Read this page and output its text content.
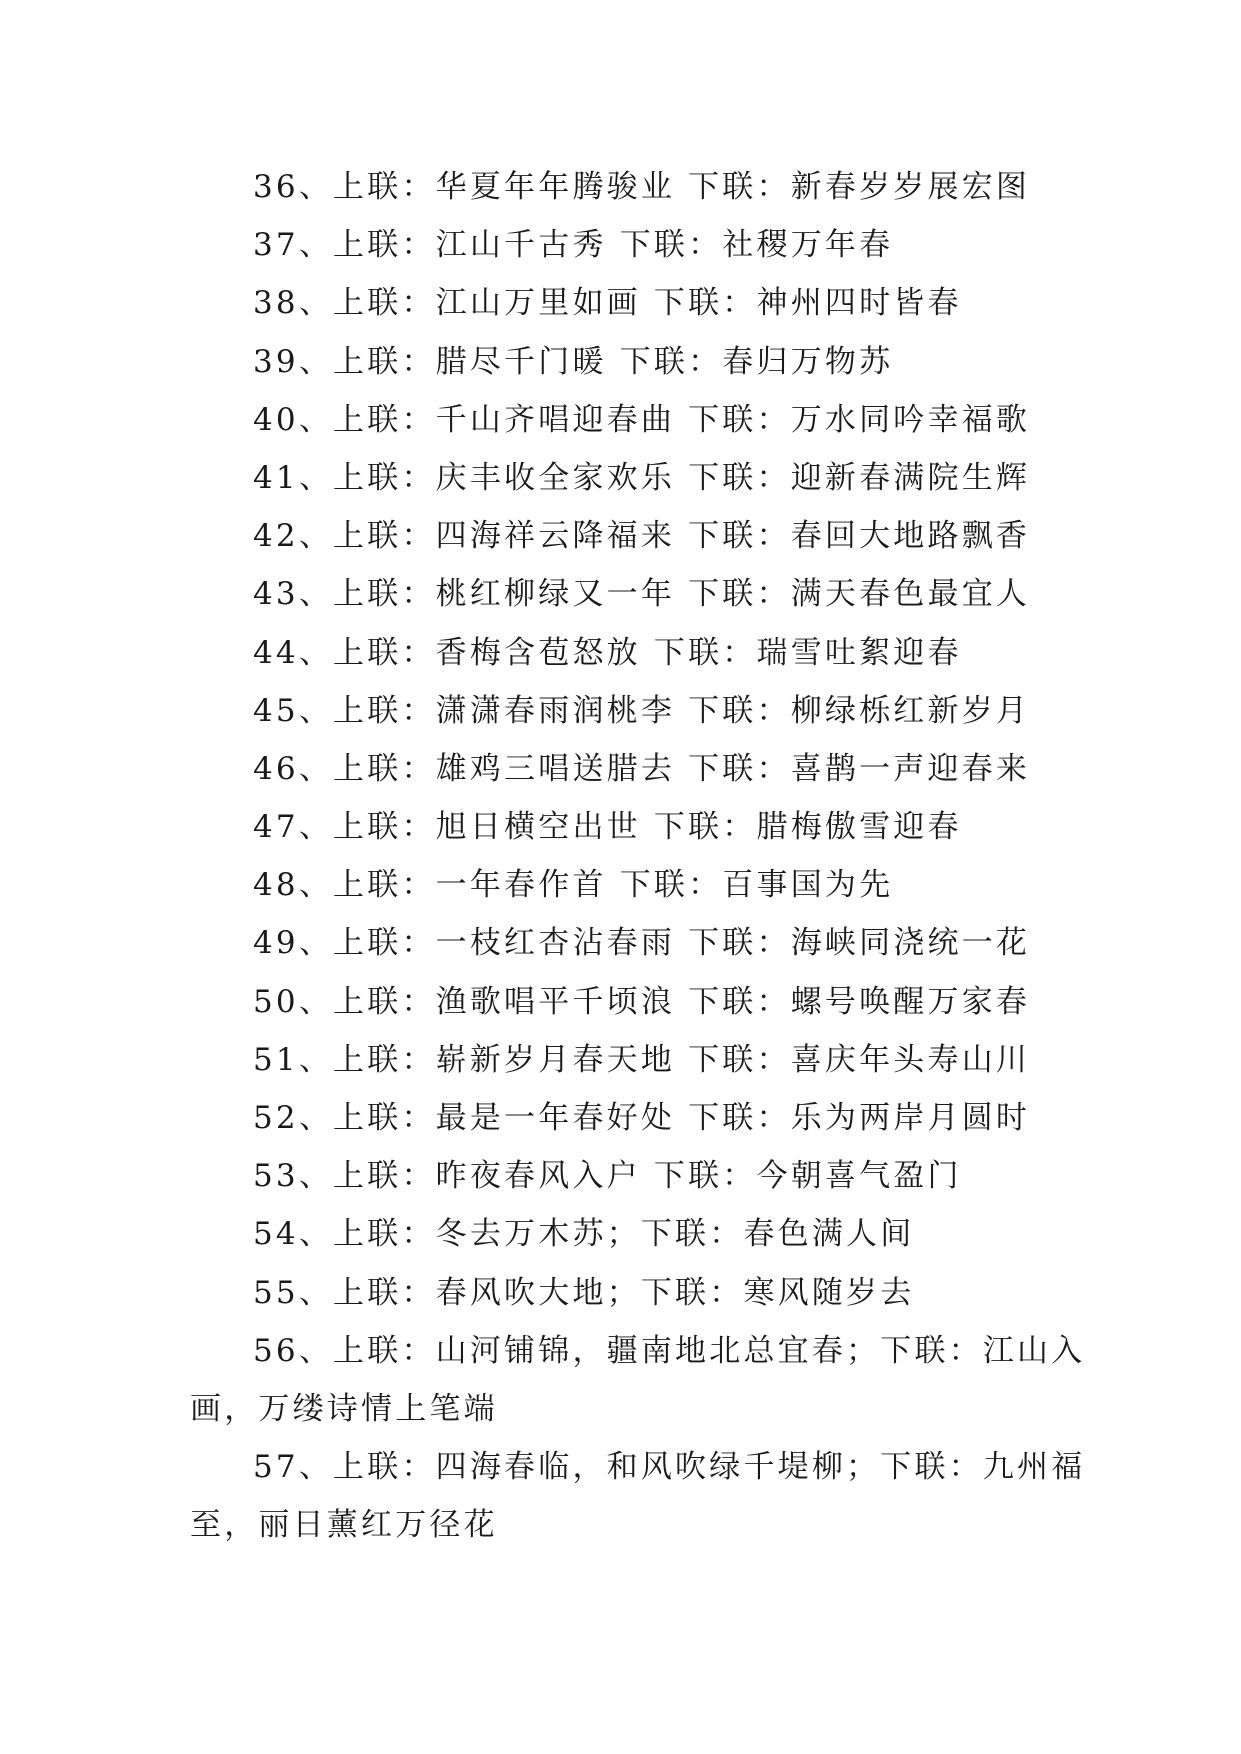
36、上联：华夏年年腾骏业 下联：新春岁岁展宏图
37、上联：江山千古秀 下联：社稷万年春
38、上联：江山万里如画 下联：神州四时皆春
39、上联：腊尽千门暖 下联：春归万物苏
40、上联：千山齐唱迎春曲 下联：万水同吟幸福歌
41、上联：庆丰收全家欢乐 下联：迎新春满院生辉
42、上联：四海祥云降福来 下联：春回大地路飘香
43、上联：桃红柳绿又一年 下联：满天春色最宜人
44、上联：香梅含苞怒放 下联：瑞雪吐絮迎春
45、上联：潇潇春雨润桃李 下联：柳绿栎红新岁月
46、上联：雄鸡三唱送腊去 下联：喜鹊一声迎春来
47、上联：旭日横空出世 下联：腊梅傲雪迎春
48、上联：一年春作首 下联：百事国为先
49、上联：一枝红杏沾春雨 下联：海峡同浇统一花
50、上联：渔歌唱平千顷浪 下联：螺号唤醒万家春
51、上联：崭新岁月春天地 下联：喜庆年头寿山川
52、上联：最是一年春好处 下联：乐为两岸月圆时
53、上联：昨夜春风入户 下联：今朝喜气盈门
54、上联：冬去万木苏；下联：春色满人间
55、上联：春风吹大地；下联：寒风随岁去
56、上联：山河铺锦，疆南地北总宜春；下联：江山入
画，万缕诗情上笔端
57、上联：四海春临，和风吹绿千堤柳；下联：九州福
至，丽日薰红万径花
